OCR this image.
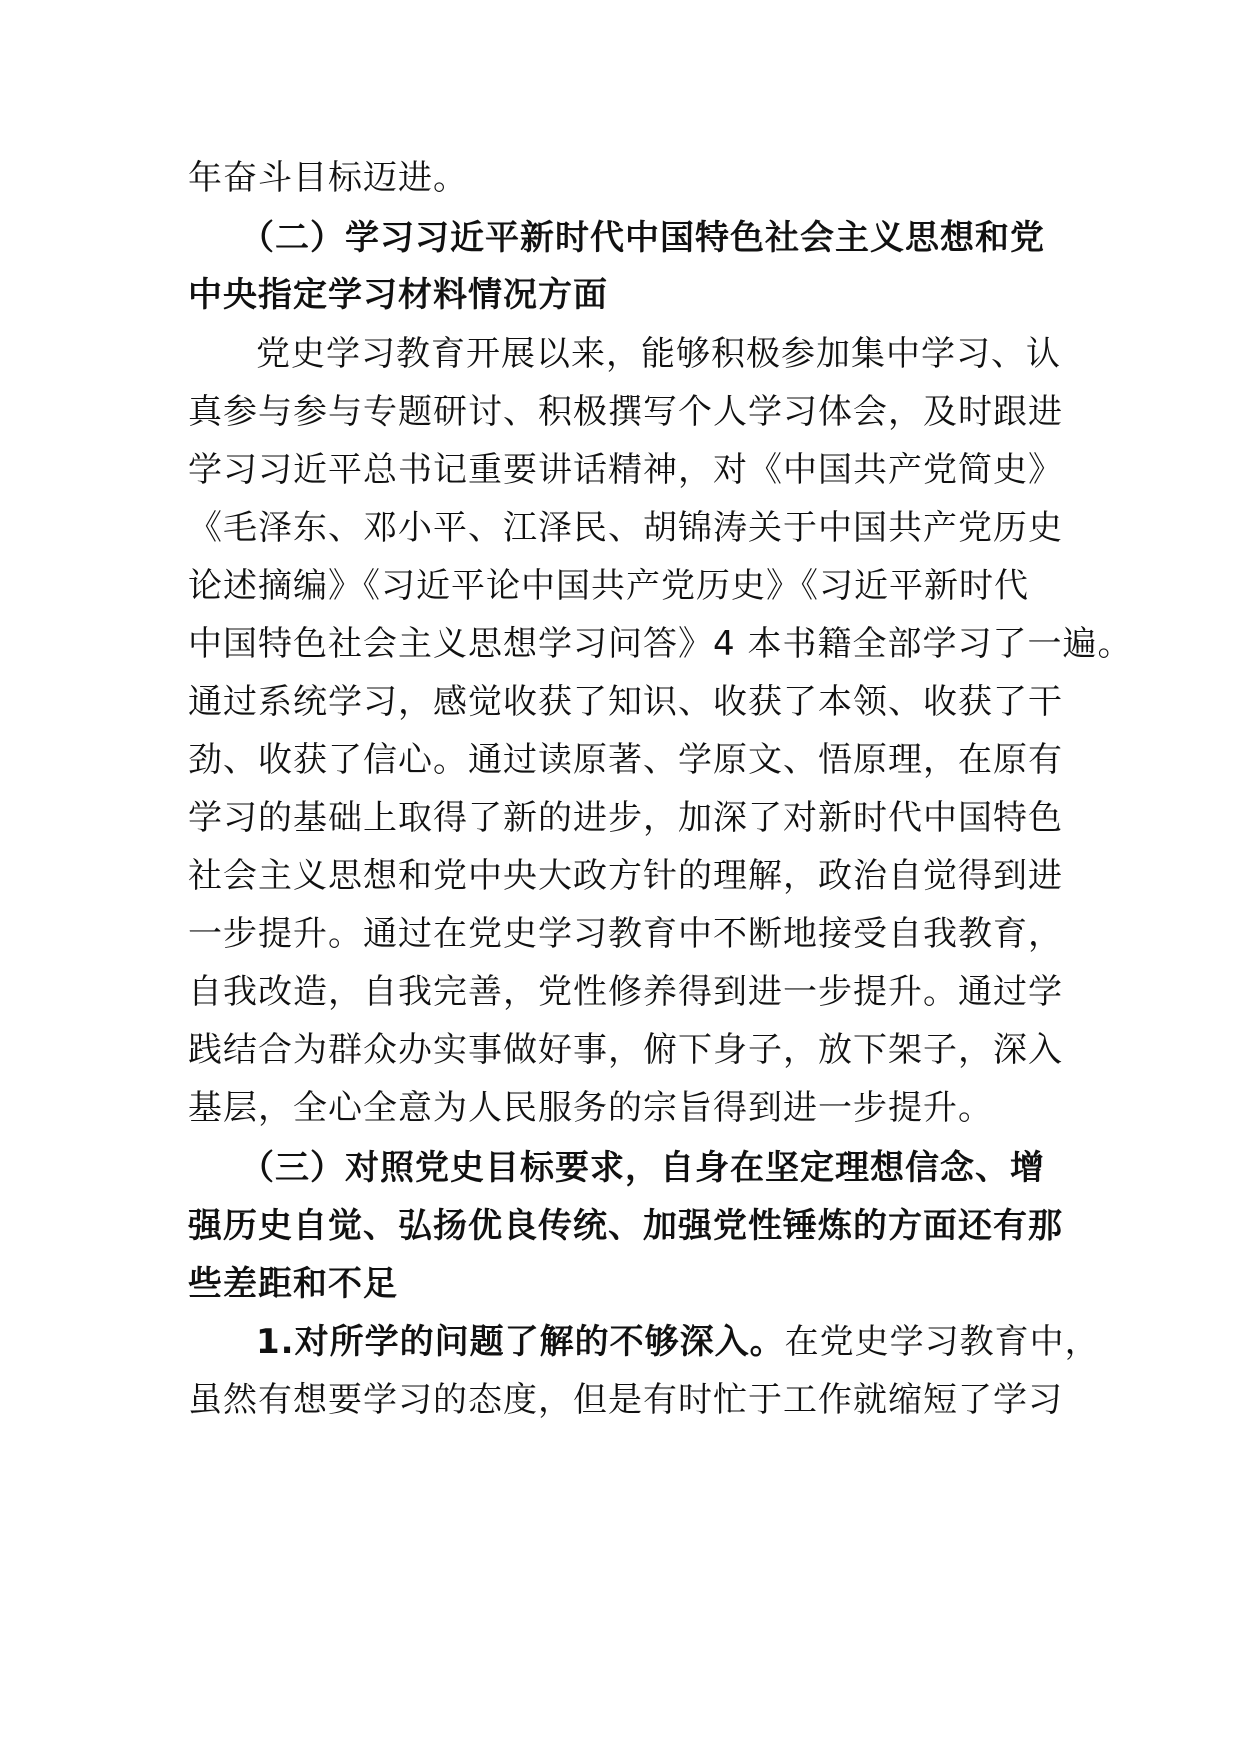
年奋斗目标迈进。
（二）学习习近平新时代中国特色社会主义思想和党
中央指定学习材料情况方面
党史学习教育开展以来，能够积极参加集中学习、认
真参与参与专题研讨、积极撰写个人学习体会，及时跟进
学习习近平总书记重要讲话精神，对《中国共产党简史》
《毛泽东、邓小平、江泽民、胡锦涛关于中国共产党历史
论述摘编》《习近平论中国共产党历史》《习近平新时代
中国特色社会主义思想学习问答》4 本书籍全部学习了一遍。
通过系统学习，感觉收获了知识、收获了本领、收获了干
劲、收获了信心。通过读原著、学原文、悟原理，在原有
学习的基础上取得了新的进步，加深了对新时代中国特色
社会主义思想和党中央大政方针的理解，政治自觉得到进
一步提升。通过在党史学习教育中不断地接受自我教育，
自我改造，自我完善，党性修养得到进一步提升。通过学
践结合为群众办实事做好事，俯下身子，放下架子，深入
基层，全心全意为人民服务的宗旨得到进一步提升。
（三）对照党史目标要求，自身在坚定理想信念、增
强历史自觉、弘扬优良传统、加强党性锤炼的方面还有那
些差距和不足
1.对所学的问题了解的不够深入。在党史学习教育中，
虽然有想要学习的态度，但是有时忙于工作就缩短了学习
